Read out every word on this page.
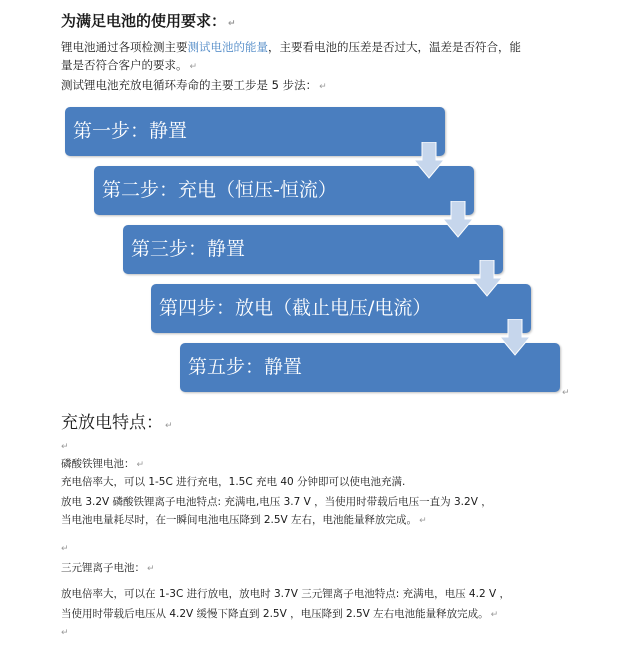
为满足电池的使用要求： ↵
锂电池通过各项检测主要测试电池的能量，主要看电池的压差是否过大，温差是否符合，能
量是否符合客户的要求。 ↵
测试锂电池充放电循环寿命的主要工步是 5 步法： ↵
第一步：静置
第二步：充电（恒压-恒流）
第三步：静置
第四步：放电（截止电压/电流）
第五步：静置
↵
充放电特点： ↵
↵
磷酸铁锂电池： ↵
充电倍率大，可以 1-5C 进行充电，1.5C 充电 40 分钟即可以使电池充满.
放电 3.2V 磷酸铁锂离子电池特点: 充满电,电压 3.7 V ，当使用时带载后电压一直为 3.2V ，
当电池电量耗尽时，在一瞬间电池电压降到 2.5V 左右，电池能量释放完成。 ↵
↵
三元锂离子电池： ↵
放电倍率大，可以在 1-3C 进行放电，放电时 3.7V 三元锂离子电池特点: 充满电，电压 4.2 V ，
当使用时带载后电压从 4.2V 缓慢下降直到 2.5V ，电压降到 2.5V 左右电池能量释放完成。 ↵
↵
